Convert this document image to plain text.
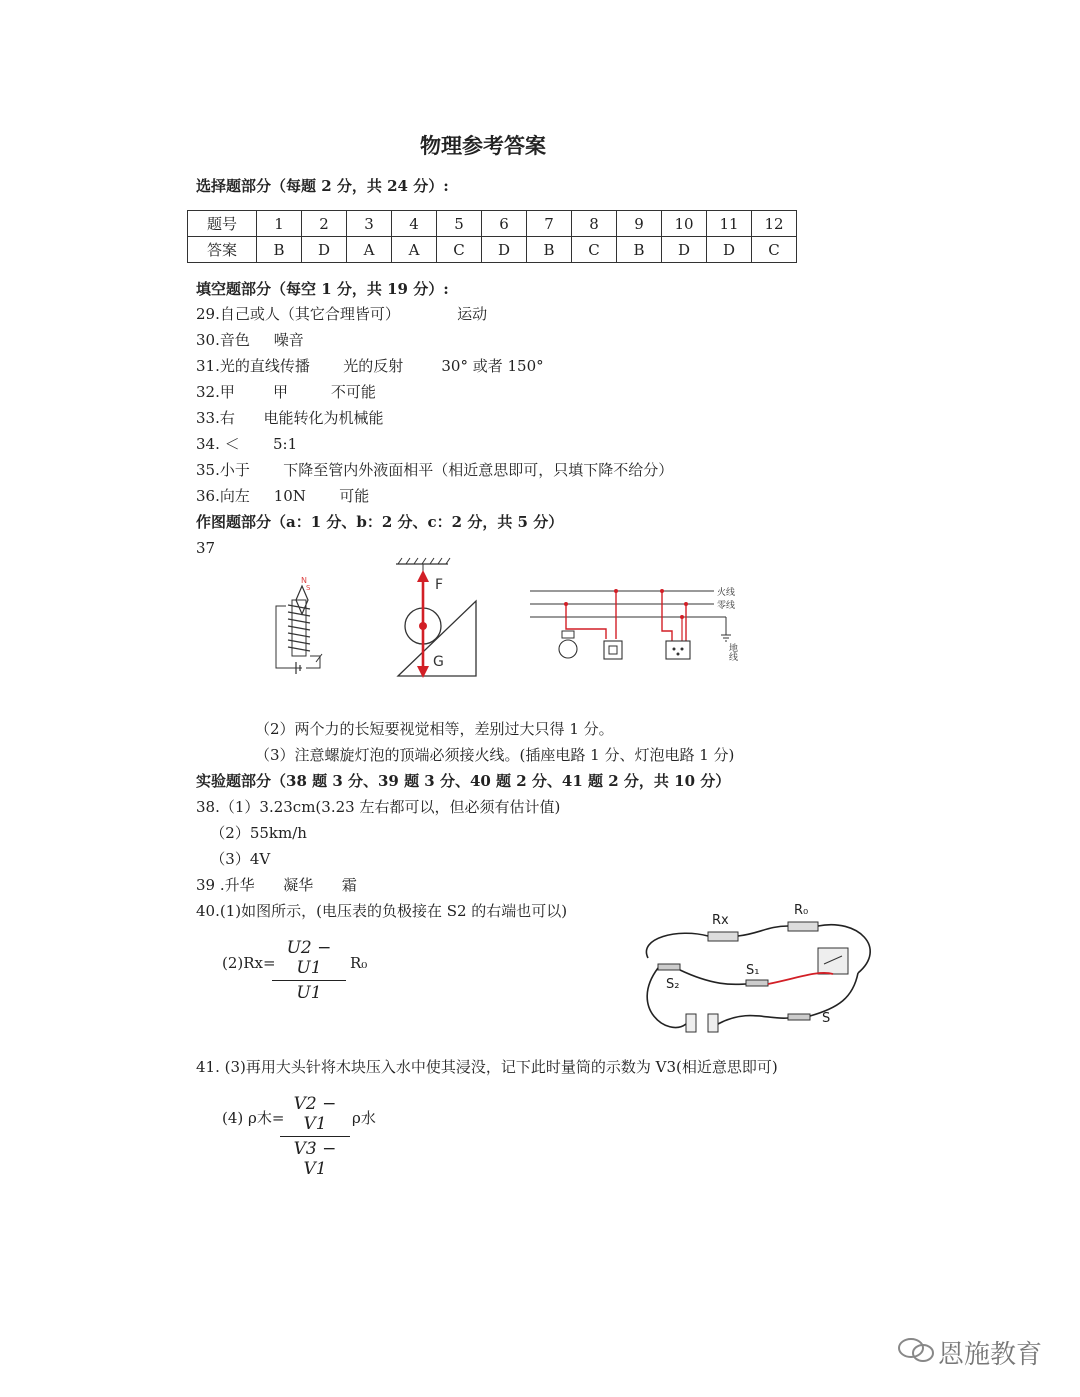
物理参考答案
选择题部分（每题 2 分，共 24 分）:
题号	1	2	3	4	5	6	7	8	9	10	11	12
答案	B	D	A	A	C	D	B	C	B	D	D	C
填空题部分（每空 1 分，共 19 分）:
29.自己或人（其它合理皆可）            运动
30.音色     噪音
31.光的直线传播       光的反射        30° 或者 150°
32.甲        甲         不可能
33.右      电能转化为机械能
34. ＜       5:1
35.小于       下降至管内外液面相平（相近意思即可，只填下降不给分）
36.向左     10N       可能
作图题部分（a：1 分、b：2 分、c：2 分，共 5 分）
37
N
S	F
G
火线
零线
地线
（2）两个力的长短要视觉相等，差别过大只得 1 分。
（3）注意螺旋灯泡的顶端必须接火线。(插座电路 1 分、灯泡电路 1 分)
实验题部分（38 题 3 分、39 题 3 分、40 题 2 分、41 题 2 分，共 10 分）
38.（1）3.23cm(3.23 左右都可以，但必须有估计值)
（2）55km/h
（3）4V
39 .升华      凝华      霜
40.(1)如图所示，(电压表的负极接在 S2 的右端也可以)
(2)Rx=
U2 − U1
U1
R₀
Rx
R₀
S₂
S₁
S
41. (3)再用大头针将木块压入水中使其浸没，记下此时量筒的示数为 V3(相近意思即可)
(4) ρ木=
V2 − V1
V3 − V1
ρ水
恩施教育
